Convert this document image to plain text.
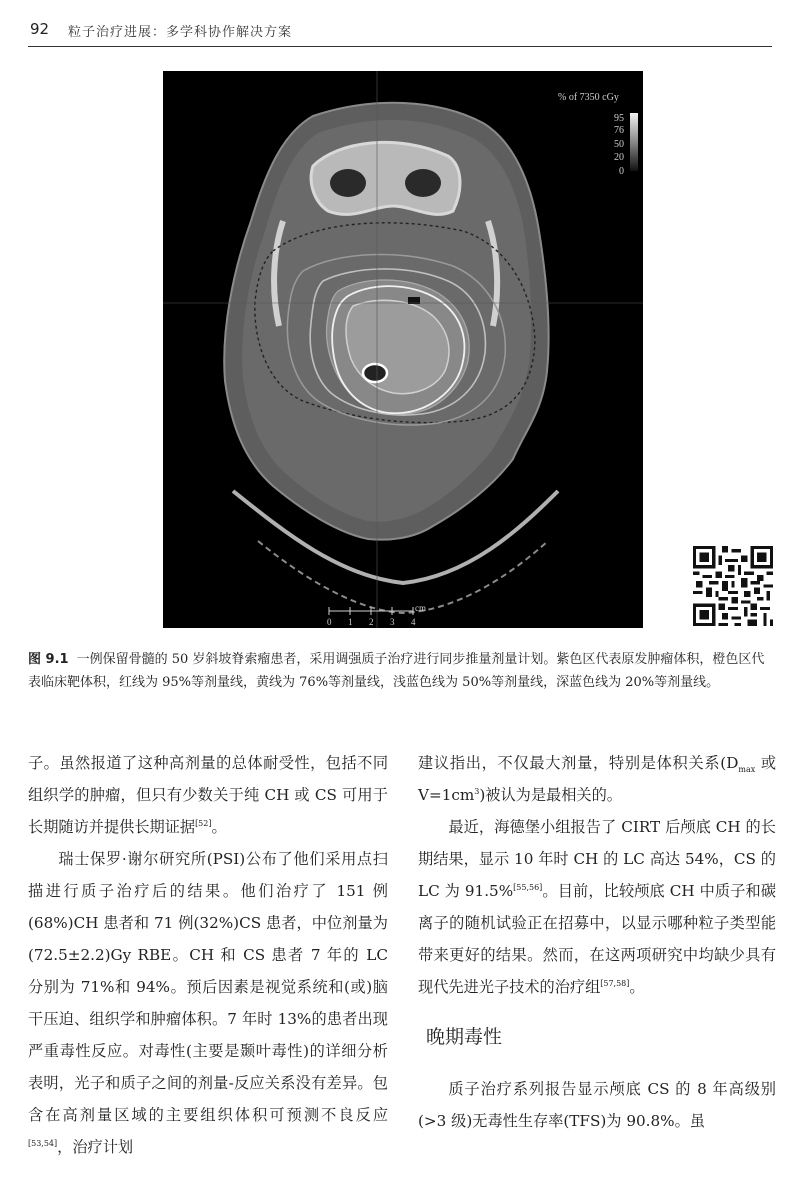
92 粒子治疗进展：多学科协作解决方案
% of 7350 cGy
95
76
50
20
0
cm
0 1 2 3 4
图 9.1 一例保留骨髓的 50 岁斜坡脊索瘤患者，采用调强质子治疗进行同步推量剂量计划。紫色区代表原发肿瘤体积，橙色区代表临床靶体积，红线为 95%等剂量线，黄线为 76%等剂量线，浅蓝色线为 50%等剂量线，深蓝色线为 20%等剂量线。

子。虽然报道了这种高剂量的总体耐受性，包括不同组织学的肿瘤，但只有少数关于纯 CH 或 CS 可用于长期随访并提供长期证据[52]。

瑞士保罗·谢尔研究所(PSI)公布了他们采用点扫描进行质子治疗后的结果。他们治疗了 151 例(68%)CH 患者和 71 例(32%)CS 患者，中位剂量为(72.5±2.2)Gy RBE。CH 和 CS 患者 7 年的 LC 分别为 71%和 94%。预后因素是视觉系统和(或)脑干压迫、组织学和肿瘤体积。7 年时 13%的患者出现严重毒性反应。对毒性(主要是颞叶毒性)的详细分析表明，光子和质子之间的剂量-反应关系没有差异。包含在高剂量区域的主要组织体积可预测不良反应[53,54]，治疗计划

建议指出，不仅最大剂量，特别是体积关系($D_{max}$ 或 $V=1cm^3$)被认为是最相关的。

最近，海德堡小组报告了 CIRT 后颅底 CH 的长期结果，显示 10 年时 CH 的 LC 高达 54%，CS 的 LC 为 91.5%[55,56]。目前，比较颅底 CH 中质子和碳离子的随机试验正在招募中，以显示哪种粒子类型能带来更好的结果。然而，在这两项研究中均缺少具有现代先进光子技术的治疗组[57,58]。

晚期毒性

质子治疗系列报告显示颅底 CS 的 8 年高级别(>3 级)无毒性生存率(TFS)为 90.8%。虽
